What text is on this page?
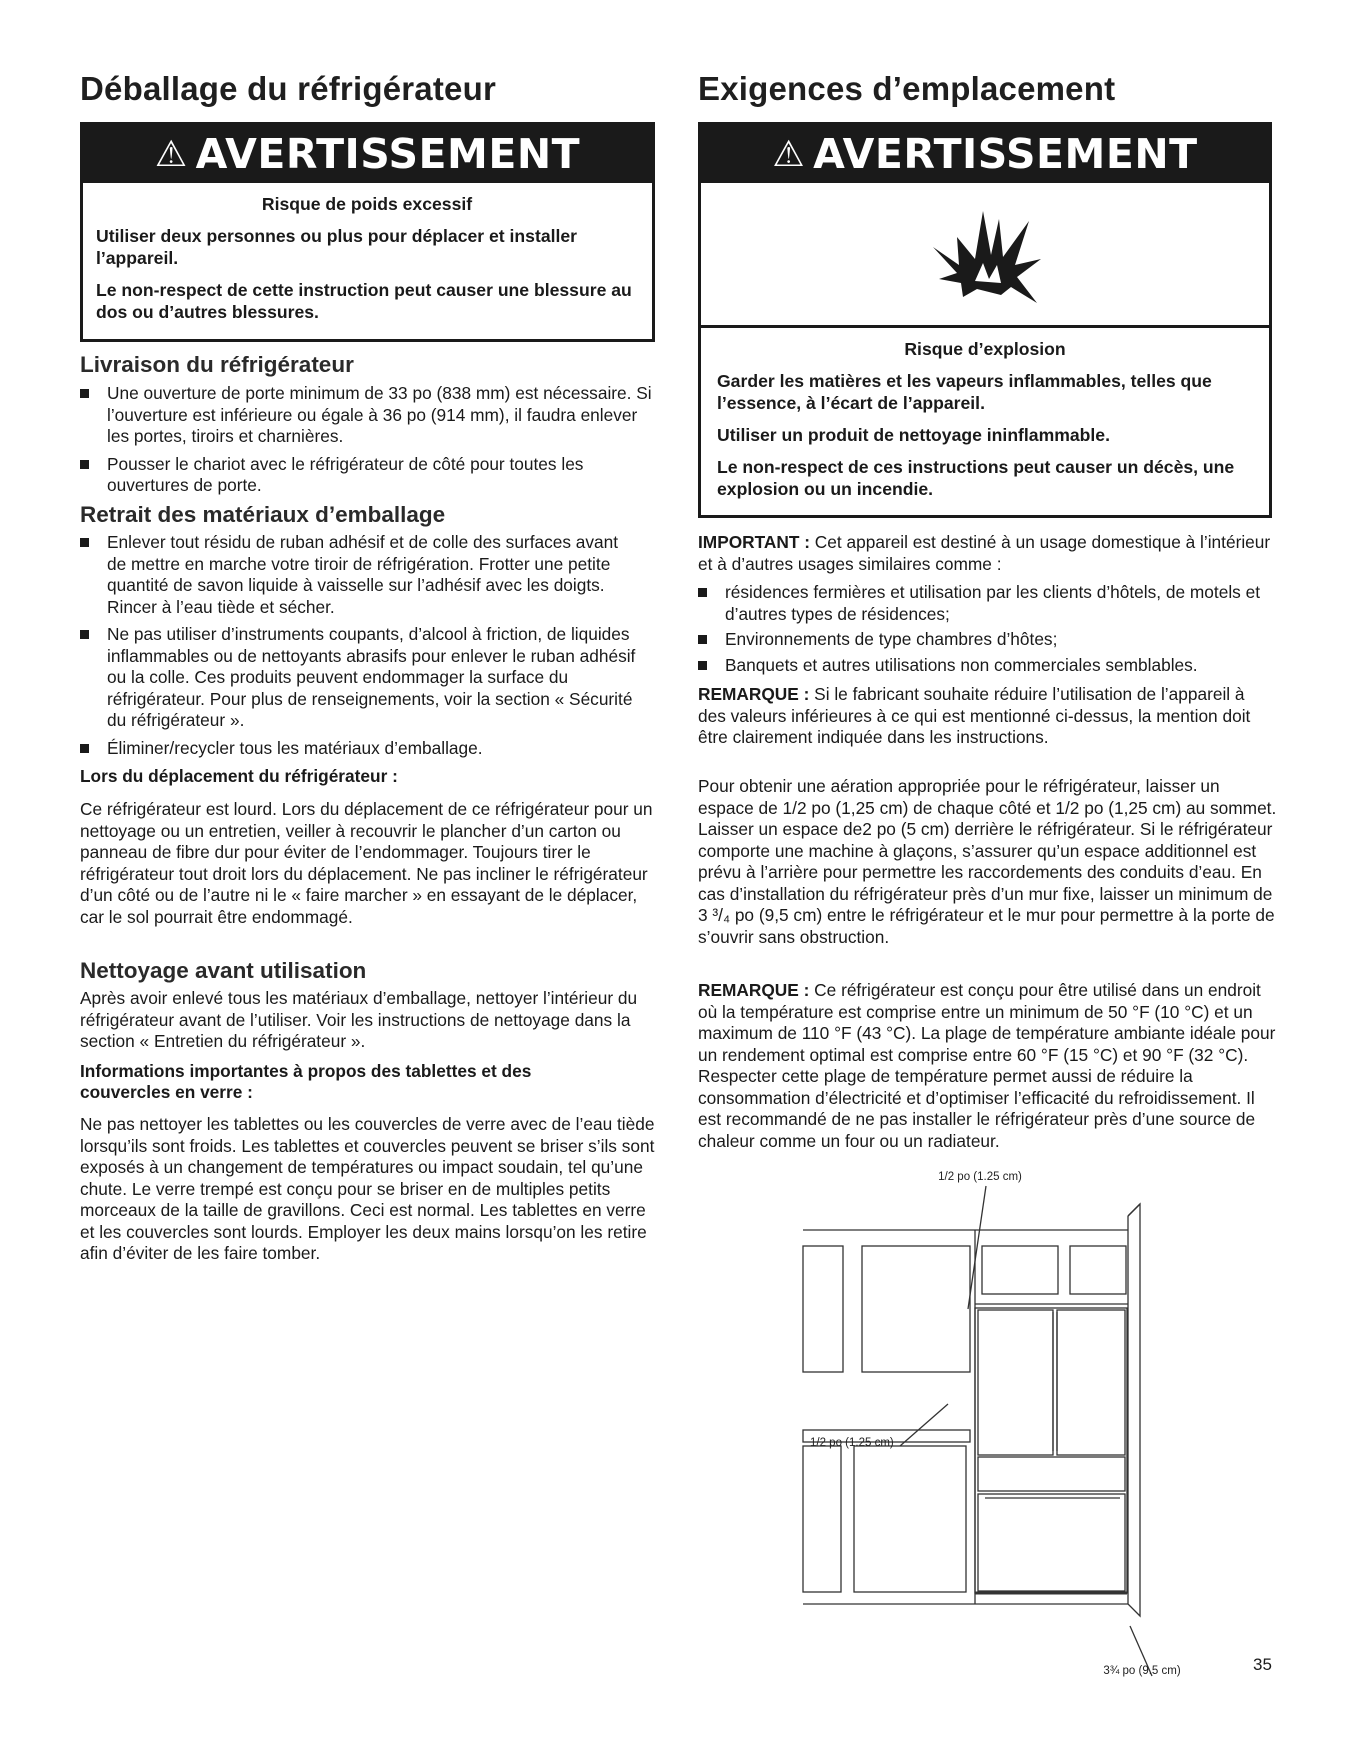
Déballage du réfrigérateur
⚠ AVERTISSEMENT
Risque de poids excessif

Utiliser deux personnes ou plus pour déplacer et installer l’appareil.

Le non-respect de cette instruction peut causer une blessure au dos ou d’autres blessures.

Livraison du réfrigérateur
Une ouverture de porte minimum de 33 po (838 mm) est nécessaire. Si l’ouverture est inférieure ou égale à 36 po (914 mm), il faudra enlever les portes, tiroirs et charnières.
Pousser le chariot avec le réfrigérateur de côté pour toutes les ouvertures de porte.
Retrait des matériaux d’emballage
Enlever tout résidu de ruban adhésif et de colle des surfaces avant de mettre en marche votre tiroir de réfrigération. Frotter une petite quantité de savon liquide à vaisselle sur l’adhésif avec les doigts. Rincer à l’eau tiède et sécher.
Ne pas utiliser d’instruments coupants, d’alcool à friction, de liquides inflammables ou de nettoyants abrasifs pour enlever le ruban adhésif ou la colle. Ces produits peuvent endommager la surface du réfrigérateur. Pour plus de renseignements, voir la section « Sécurité du réfrigérateur ».
Éliminer/recycler tous les matériaux d’emballage.
Lors du déplacement du réfrigérateur :

Ce réfrigérateur est lourd. Lors du déplacement de ce réfrigérateur pour un nettoyage ou un entretien, veiller à recouvrir le plancher d’un carton ou panneau de fibre dur pour éviter de l’endommager. Toujours tirer le réfrigérateur tout droit lors du déplacement. Ne pas incliner le réfrigérateur d’un côté ou de l’autre ni le « faire marcher » en essayant de le déplacer, car le sol pourrait être endommagé.

Nettoyage avant utilisation

Après avoir enlevé tous les matériaux d’emballage, nettoyer l’intérieur du réfrigérateur avant de l’utiliser. Voir les instructions de nettoyage dans la section « Entretien du réfrigérateur ».

Informations importantes à propos des tablettes et des couvercles en verre :

Ne pas nettoyer les tablettes ou les couvercles de verre avec de l’eau tiède lorsqu’ils sont froids. Les tablettes et couvercles peuvent se briser s’ils sont exposés à un changement de températures ou impact soudain, tel qu’une chute. Le verre trempé est conçu pour se briser en de multiples petits morceaux de la taille de gravillons. Ceci est normal. Les tablettes en verre et les couvercles sont lourds. Employer les deux mains lorsqu’on les retire afin d’éviter de les faire tomber.

Exigences d’emplacement
⚠ AVERTISSEMENT
Risque d’explosion

Garder les matières et les vapeurs inflammables, telles que l’essence, à l’écart de l’appareil.

Utiliser un produit de nettoyage ininflammable.

Le non-respect de ces instructions peut causer un décès, une explosion ou un incendie.

IMPORTANT : Cet appareil est destiné à un usage domestique à l’intérieur et à d’autres usages similaires comme :

résidences fermières et utilisation par les clients d’hôtels, de motels et d’autres types de résidences;
Environnements de type chambres d’hôtes;
Banquets et autres utilisations non commerciales semblables.

REMARQUE : Si le fabricant souhaite réduire l’utilisation de l’appareil à des valeurs inférieures à ce qui est mentionné ci-dessus, la mention doit être clairement indiquée dans les instructions.

Pour obtenir une aération appropriée pour le réfrigérateur, laisser un espace de 1/2 po (1,25 cm) de chaque côté et 1/2 po (1,25 cm) au sommet. Laisser un espace de2 po (5 cm) derrière le réfrigérateur. Si le réfrigérateur comporte une machine à glaçons, s’assurer qu’un espace additionnel est prévu à l’arrière pour permettre les raccordements des conduits d’eau. En cas d’installation du réfrigérateur près d’un mur fixe, laisser un minimum de 3 ³/₄ po (9,5 cm) entre le réfrigérateur et le mur pour permettre à la porte de s’ouvrir sans obstruction.

REMARQUE : Ce réfrigérateur est conçu pour être utilisé dans un endroit où la température est comprise entre un minimum de 50 °F (10 °C) et un maximum de 110 °F (43 °C). La plage de température ambiante idéale pour un rendement optimal est comprise entre 60 °F (15 °C) et 90 °F (32 °C). Respecter cette plage de température permet aussi de réduire la consommation d’électricité et d’optimiser l’efficacité du refroidissement. Il est recommandé de ne pas installer le réfrigérateur près d’une source de chaleur comme un four ou un radiateur.

1/2 po (1.25 cm)
1/2 po (1.25 cm)
3¾ po (9.5 cm)	35
